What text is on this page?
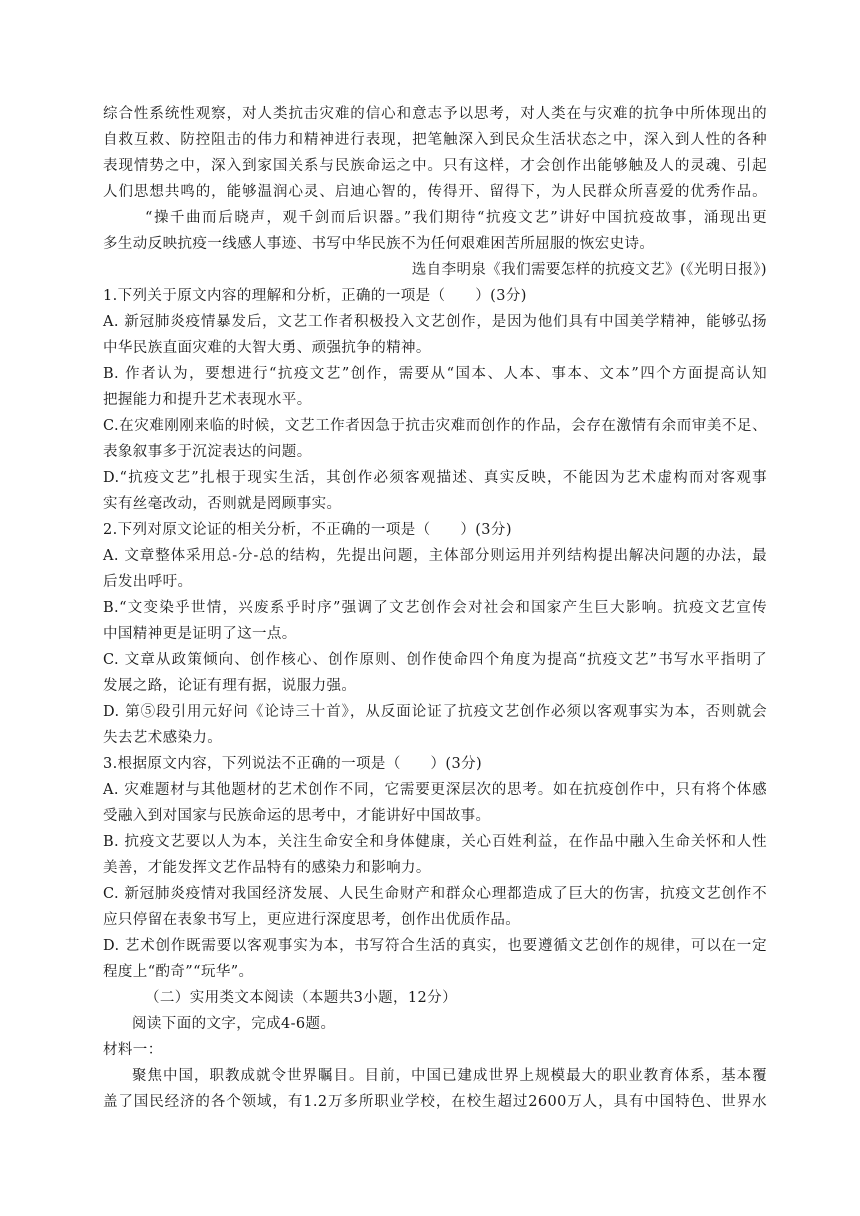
综合性系统性观察，对人类抗击灾难的信心和意志予以思考，对人类在与灾难的抗争中所体现出的
自救互救、防控阻击的伟力和精神进行表现，把笔触深入到民众生活状态之中，深入到人性的各种
表现情势之中，深入到家国关系与民族命运之中。只有这样，才会创作出能够触及人的灵魂、引起
人们思想共鸣的，能够温润心灵、启迪心智的，传得开、留得下，为人民群众所喜爱的优秀作品。
“操千曲而后晓声，观千剑而后识器。”我们期待“抗疫文艺”讲好中国抗疫故事，涌现出更
多生动反映抗疫一线感人事迹、书写中华民族不为任何艰难困苦所屈服的恢宏史诗。
选自李明泉《我们需要怎样的抗疫文艺》(《光明日报》)
1.下列关于原文内容的理解和分析，正确的一项是（　　）(3分)
A. 新冠肺炎疫情暴发后，文艺工作者积极投入文艺创作，是因为他们具有中国美学精神，能够弘扬
中华民族直面灾难的大智大勇、顽强抗争的精神。
B. 作者认为，要想进行“抗疫文艺”创作，需要从“国本、人本、事本、文本”四个方面提高认知
把握能力和提升艺术表现水平。
C.在灾难刚刚来临的时候，文艺工作者因急于抗击灾难而创作的作品，会存在激情有余而审美不足、
表象叙事多于沉淀表达的问题。
D.“抗疫文艺”扎根于现实生活，其创作必须客观描述、真实反映，不能因为艺术虚构而对客观事
实有丝毫改动，否则就是罔顾事实。
2.下列对原文论证的相关分析，不正确的一项是（　　）(3分)
A. 文章整体采用总-分-总的结构，先提出问题，主体部分则运用并列结构提出解决问题的办法，最
后发出呼吁。
B.“文变染乎世情，兴废系乎时序”强调了文艺创作会对社会和国家产生巨大影响。抗疫文艺宣传
中国精神更是证明了这一点。
C. 文章从政策倾向、创作核心、创作原则、创作使命四个角度为提高“抗疫文艺”书写水平指明了
发展之路，论证有理有据，说服力强。
D. 第⑤段引用元好问《论诗三十首》，从反面论证了抗疫文艺创作必须以客观事实为本，否则就会
失去艺术感染力。
3.根据原文内容，下列说法不正确的一项是（　　）(3分)
A. 灾难题材与其他题材的艺术创作不同，它需要更深层次的思考。如在抗疫创作中，只有将个体感
受融入到对国家与民族命运的思考中，才能讲好中国故事。
B. 抗疫文艺要以人为本，关注生命安全和身体健康，关心百姓利益，在作品中融入生命关怀和人性
美善，才能发挥文艺作品特有的感染力和影响力。
C. 新冠肺炎疫情对我国经济发展、人民生命财产和群众心理都造成了巨大的伤害，抗疫文艺创作不
应只停留在表象书写上，更应进行深度思考，创作出优质作品。
D. 艺术创作既需要以客观事实为本，书写符合生活的真实，也要遵循文艺创作的规律，可以在一定
程度上“酌奇”“玩华”。
（二）实用类文本阅读（本题共3小题，12分）
阅读下面的文字，完成4-6题。
材料一：
聚焦中国，职教成就令世界瞩目。目前，中国已建成世界上规模最大的职业教育体系，基本覆
盖了国民经济的各个领域，有1.2万多所职业学校，在校生超过2600万人，具有中国特色、世界水
